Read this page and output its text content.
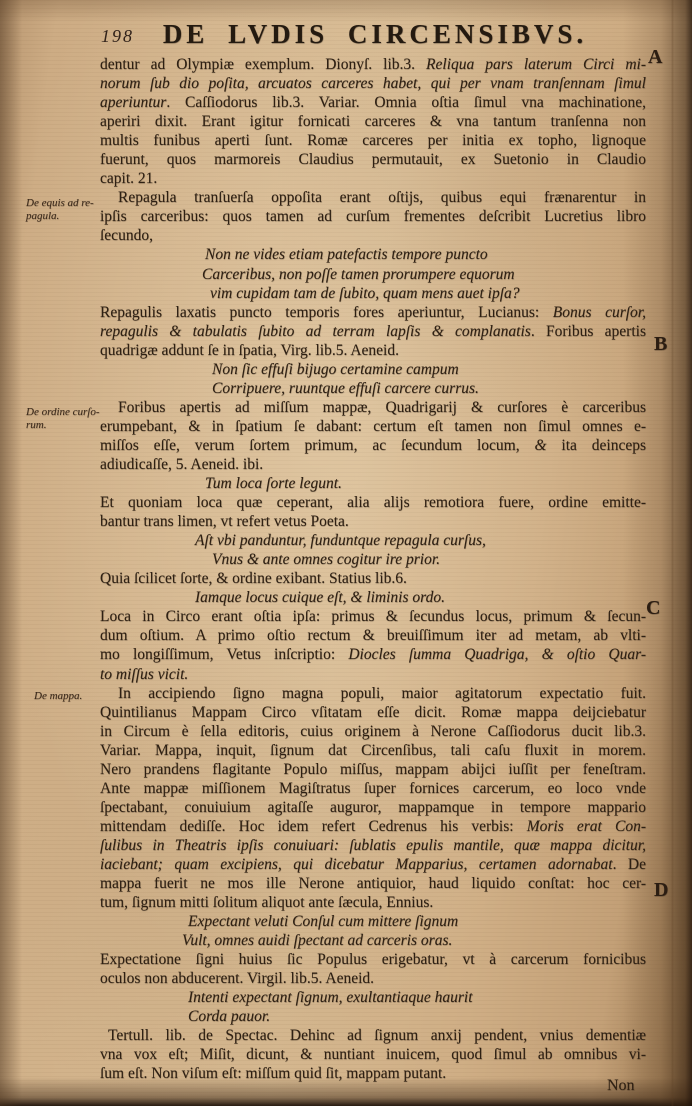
198	DE LVDIS CIRCENSIBVS.
dentur ad Olympiæ exemplum. Dionyſ. lib.3. Reliqua pars laterum Circi mi-
norum ſub dio poſita, arcuatos carceres habet, qui per vnam tranſennam ſimul
aperiuntur. Caſſiodorus lib.3. Variar. Omnia oſtia ſimul vna machinatione,
aperiri dixit. Erant igitur fornicati carceres & vna tantum tranſenna non
multis funibus aperti ſunt. Romæ carceres per initia ex topho, lignoque
fuerunt, quos marmoreis Claudius permutauit, ex Suetonio in Claudio
capit. 21.
Repagula tranſuerſa oppoſita erant oſtijs, quibus equi frænarentur in
ipſis carceribus: quos tamen ad curſum frementes deſcribit Lucretius libro
ſecundo,
Non ne vides etiam patefactis tempore puncto
Carceribus, non poſſe tamen prorumpere equorum
vim cupidam tam de ſubito, quam mens auet ipſa?
Repagulis laxatis puncto temporis fores aperiuntur, Lucianus: Bonus curſor,
repagulis & tabulatis ſubito ad terram lapſis & complanatis. Foribus apertis
quadrigæ addunt ſe in ſpatia, Virg. lib.5. Aeneid.
Non ſic effuſi bijugo certamine campum
Corripuere, ruuntque effuſi carcere currus.
Foribus apertis ad miſſum mappæ, Quadrigarij & curſores è carceribus
erumpebant, & in ſpatium ſe dabant: certum eſt tamen non ſimul omnes e-
miſſos eſſe, verum ſortem primum, ac ſecundum locum, & ita deinceps
adiudicaſſe, 5. Aeneid. ibi.
Tum loca ſorte legunt.
Et quoniam loca quæ ceperant, alia alijs remotiora fuere, ordine emitte-
bantur trans limen, vt refert vetus Poeta.
Aſt vbi panduntur, funduntque repagula curſus,
Vnus & ante omnes cogitur ire prior.
Quia ſcilicet ſorte, & ordine exibant. Statius lib.6.
Iamque locus cuique eſt, & liminis ordo.
Loca in Circo erant oſtia ipſa: primus & ſecundus locus, primum & ſecun-
dum oſtium. A primo oſtio rectum & breuiſſimum iter ad metam, ab vlti-
mo longiſſimum, Vetus inſcriptio: Diocles ſumma Quadriga, & oſtio Quar-
to miſſus vicit.
In accipiendo ſigno magna populi, maior agitatorum expectatio fuit.
Quintilianus Mappam Circo vſitatam eſſe dicit. Romæ mappa deijciebatur
in Circum è ſella editoris, cuius originem à Nerone Caſſiodorus ducit lib.3.
Variar. Mappa, inquit, ſignum dat Circenſibus, tali caſu fluxit in morem.
Nero prandens flagitante Populo miſſus, mappam abijci iuſſit per feneſtram.
Ante mappæ miſſionem Magiſtratus ſuper fornices carcerum, eo loco vnde
ſpectabant, conuiuium agitaſſe auguror, mappamque in tempore mappario
mittendam dediſſe. Hoc idem refert Cedrenus his verbis: Moris erat Con-
ſulibus in Theatris ipſis conuiuari: ſublatis epulis mantile, quæ mappa dicitur,
iaciebant; quam excipiens, qui dicebatur Mapparius, certamen adornabat. De
mappa fuerit ne mos ille Nerone antiquior, haud liquido conſtat: hoc cer-
tum, ſignum mitti ſolitum aliquot ante ſæcula, Ennius.
Expectant veluti Conſul cum mittere ſignum
Vult, omnes auidi ſpectant ad carceris oras.
Expectatione ſigni huius ſic Populus erigebatur, vt à carcerum fornicibus
oculos non abducerent. Virgil. lib.5. Aeneid.
Intenti expectant ſignum, exultantiaque haurit
Corda pauor.
Tertull. lib. de Spectac. Dehinc ad ſignum anxij pendent, vnius dementiæ
vna vox eſt; Miſit, dicunt, & nuntiant inuicem, quod ſimul ab omnibus vi-
ſum eſt. Non viſum eſt: miſſum quid ſit, mappam putant.
De equis ad re-
pagula.
De ordine curſo-
rum.
De mappa.
A
B
C
D
Non
